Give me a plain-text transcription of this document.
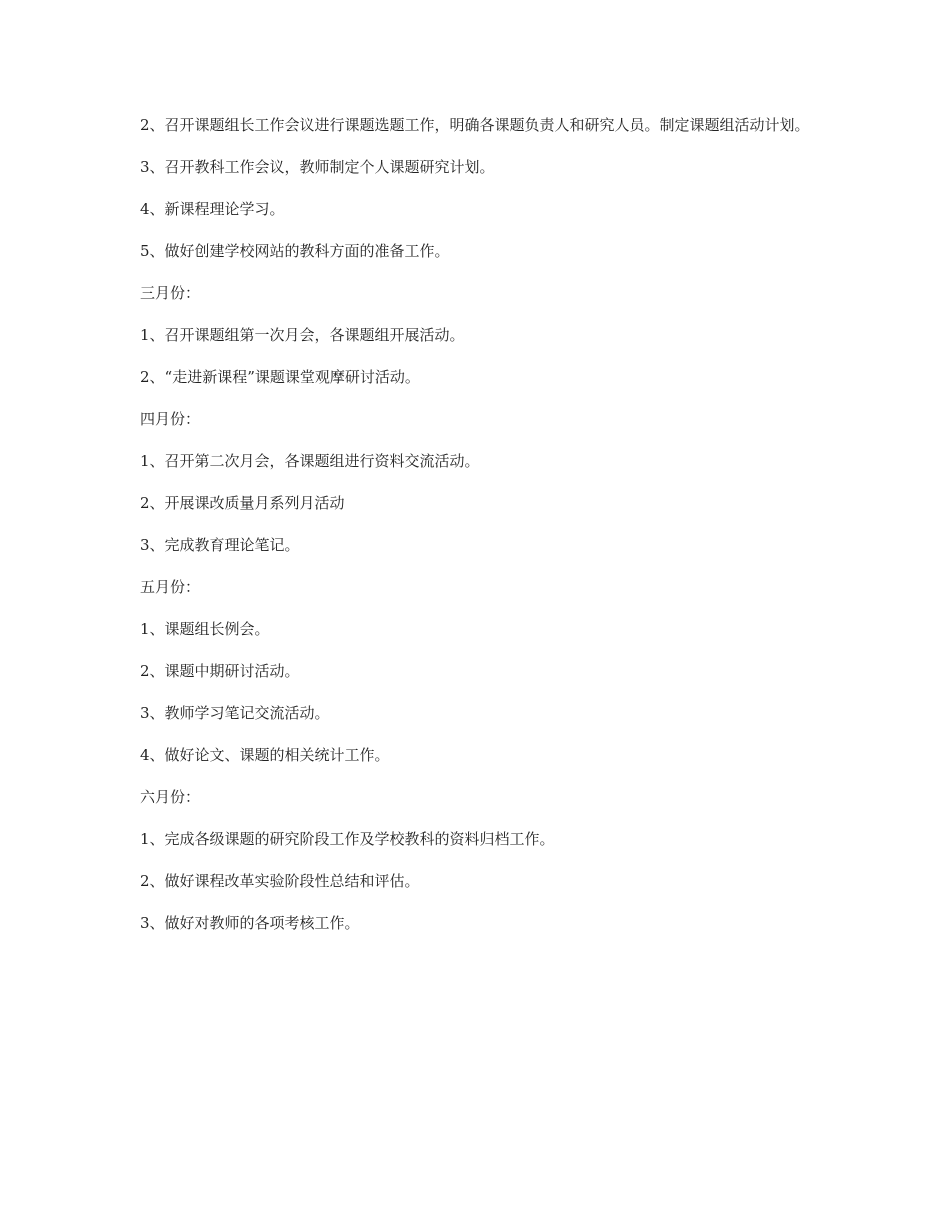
2、召开课题组长工作会议进行课题选题工作，明确各课题负责人和研究人员。制定课题组活动计划。

3、召开教科工作会议，教师制定个人课题研究计划。

4、新课程理论学习。

5、做好创建学校网站的教科方面的准备工作。

三月份：

1、召开课题组第一次月会，各课题组开展活动。

2、“走进新课程”课题课堂观摩研讨活动。

四月份：

1、召开第二次月会，各课题组进行资料交流活动。

2、开展课改质量月系列月活动

3、完成教育理论笔记。

五月份：

1、课题组长例会。

2、课题中期研讨活动。

3、教师学习笔记交流活动。

4、做好论文、课题的相关统计工作。

六月份：

1、完成各级课题的研究阶段工作及学校教科的资料归档工作。

2、做好课程改革实验阶段性总结和评估。

3、做好对教师的各项考核工作。
